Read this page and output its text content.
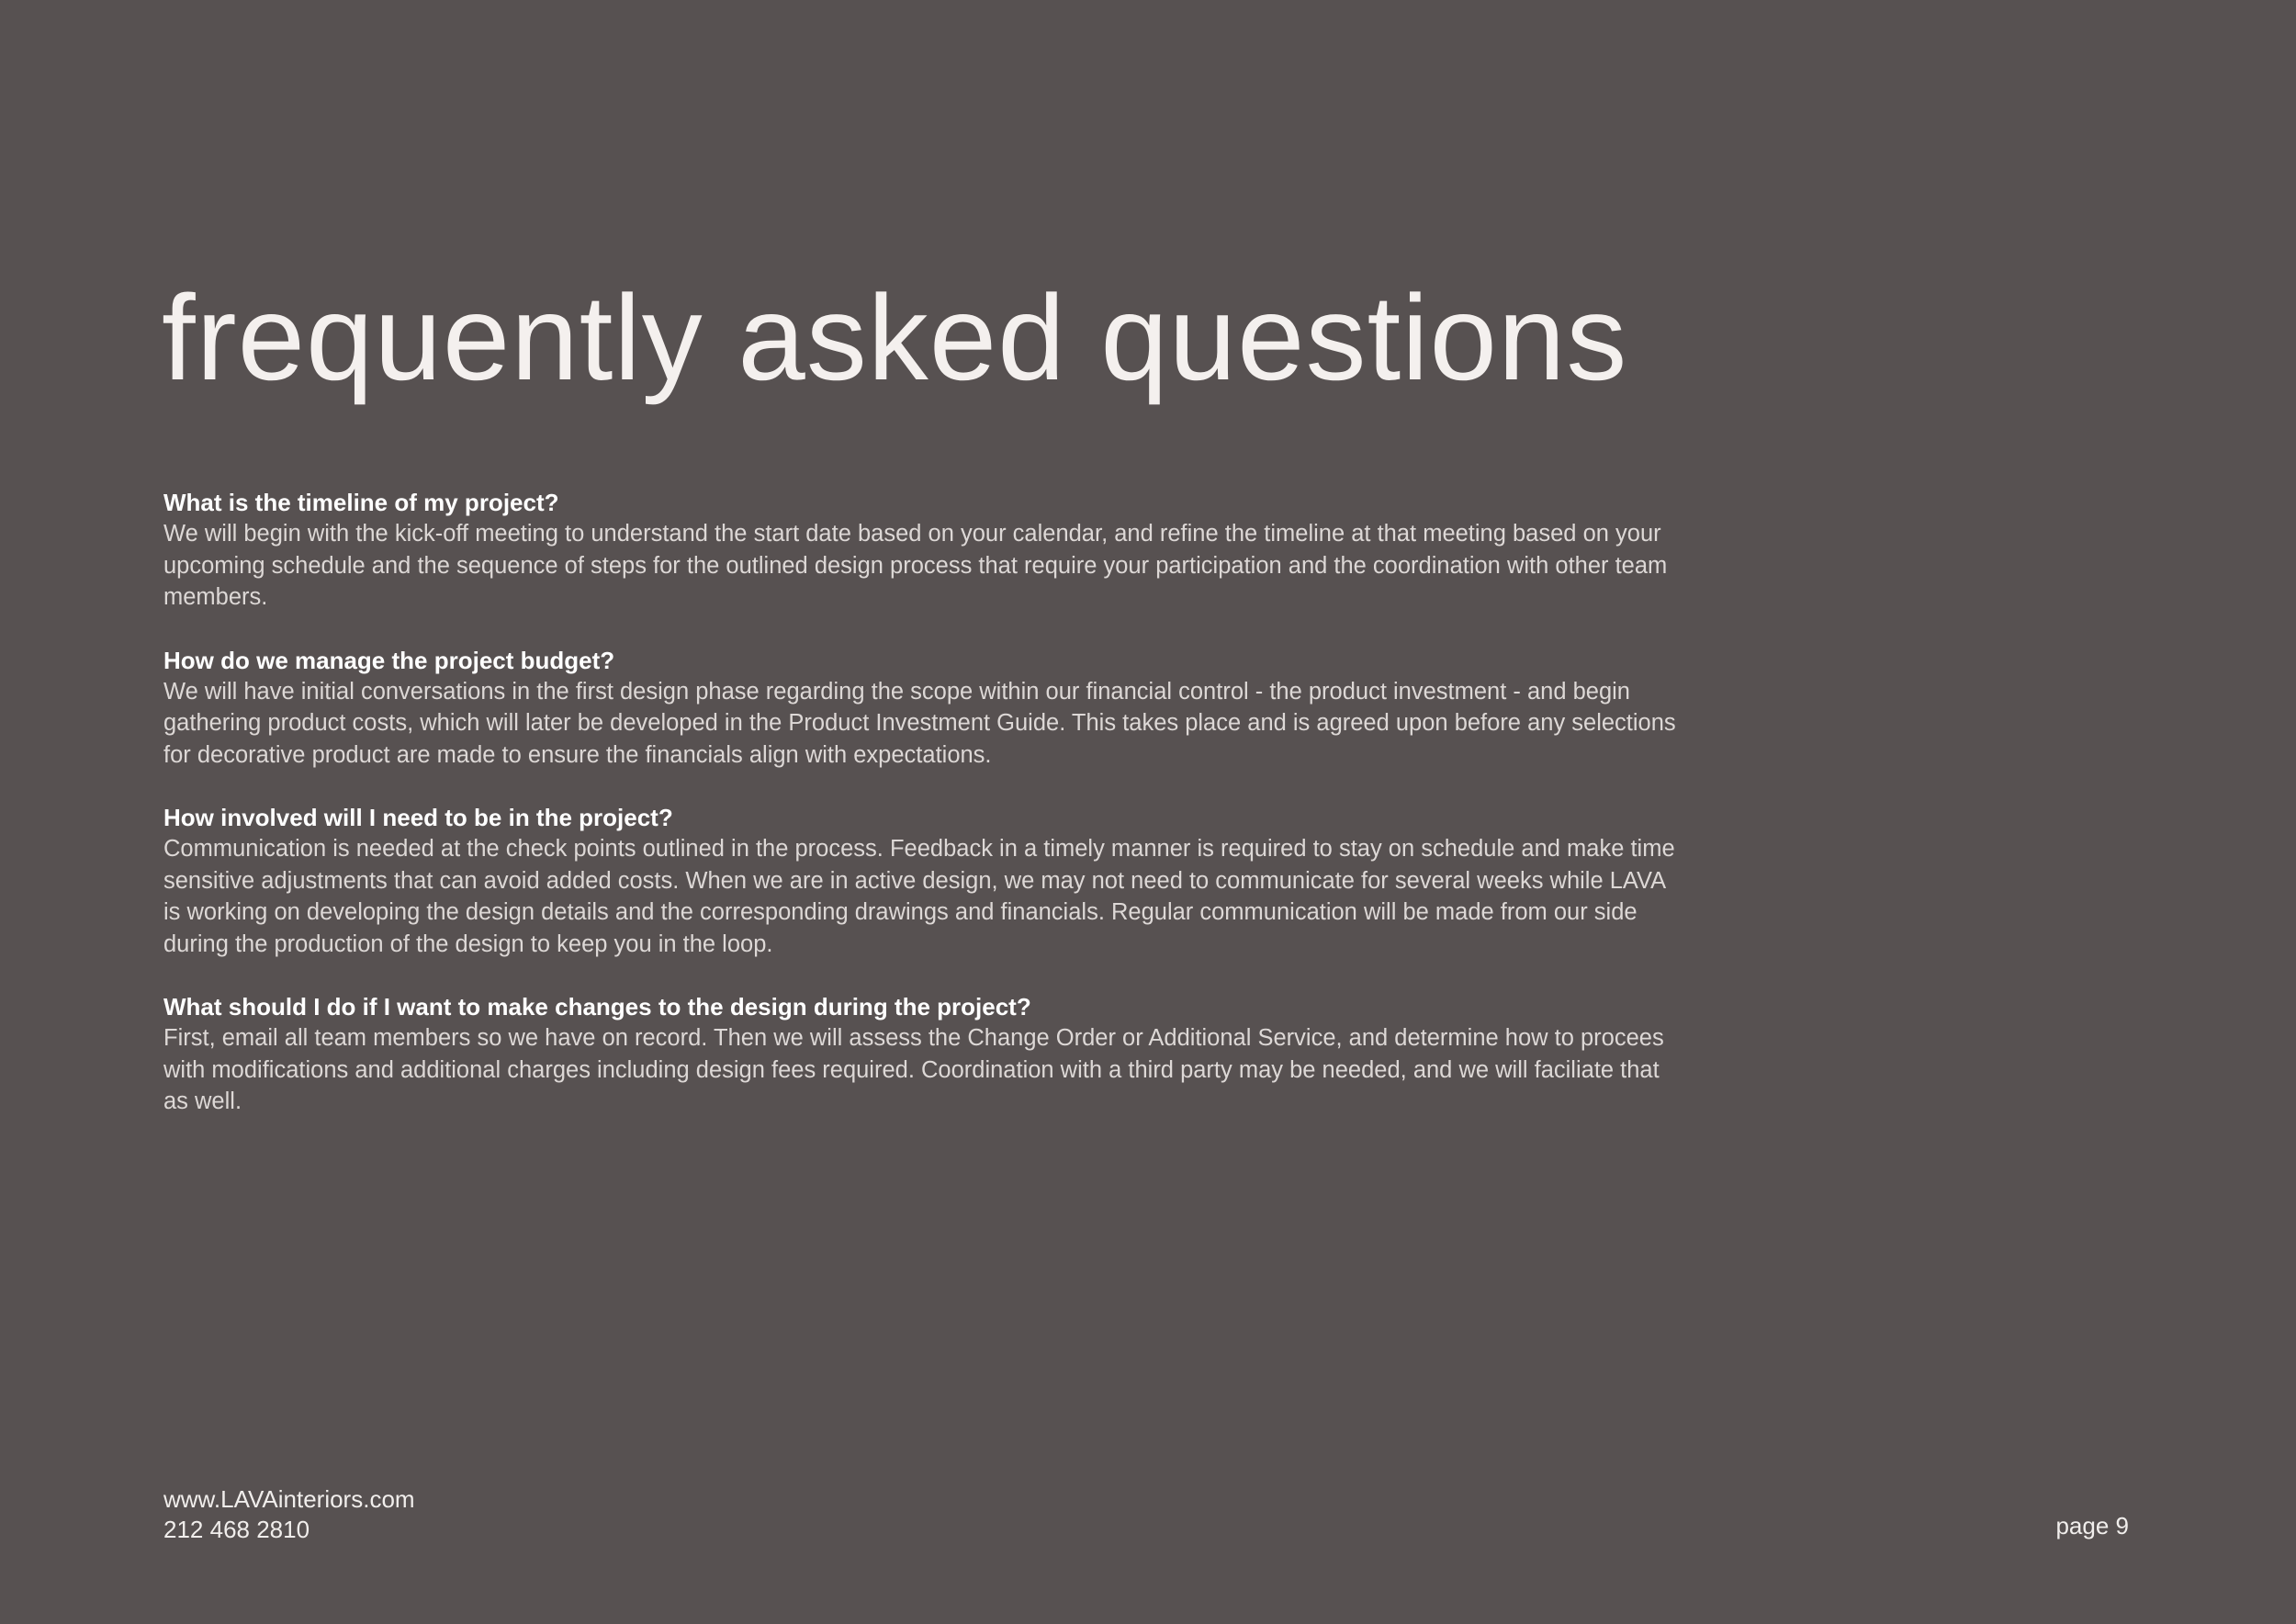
frequently asked questions

What is the timeline of my project?

We will begin with the kick-off meeting to understand the start date based on your calendar, and refine the timeline at that meeting based on your upcoming schedule and the sequence of steps for the outlined design process that require your participation and the coordination with other team members.

How do we manage the project budget?

We will have initial conversations in the first design phase regarding the scope within our financial control - the product investment - and begin gathering product costs, which will later be developed in the Product Investment Guide. This takes place and is agreed upon before any selections for decorative product are made to ensure the financials align with expectations.

How involved will I need to be in the project?

Communication is needed at the check points outlined in the process. Feedback in a timely manner is required to stay on schedule and make time sensitive adjustments that can avoid added costs. When we are in active design, we may not need to communicate for several weeks while LAVA is working on developing the design details and the corresponding drawings and financials. Regular communication will be made from our side during the production of the design to keep you in the loop.

What should I do if I want to make changes to the design during the project?

First, email all team members so we have on record. Then we will assess the Change Order or Additional Service, and determine how to procees with modifications and additional charges including design fees required. Coordination with a third party may be needed, and we will faciliate that as well.

www.LAVAinteriors.com
212 468 2810	page 9
